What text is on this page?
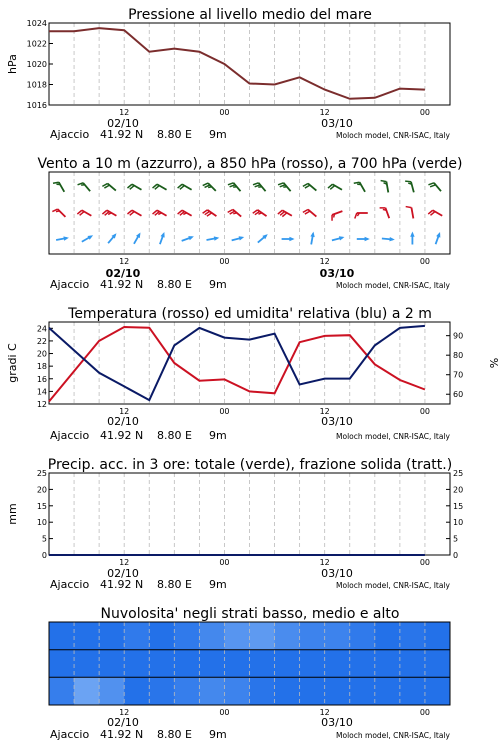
Pressione al livello medio del mare
1016
1018
1020
1022
1024
hPa
12	00	12	00
02/10	03/10
Ajaccio 41.92 N 8.80 E 9m	Moloch model, CNR-ISAC, Italy
Vento a 10 m (azzurro), a 850 hPa (rosso), a 700 hPa (verde)
12	00	12	00
02/10	03/10
Ajaccio 41.92 N 8.80 E 9m	Moloch model, CNR-ISAC, Italy
Temperatura (rosso) ed umidita' relativa (blu) a 2 m
12
14
16
18
20
22
24
60
70
80
90
gradi C	%
12	00	12	00
02/10	03/10
Ajaccio 41.92 N 8.80 E 9m	Moloch model, CNR-ISAC, Italy
Precip. acc. in 3 ore: totale (verde), frazione solida (tratt.)
0
5
10
15
20
25
0
5
10
15
20
25
mm
12	00	12	00
02/10	03/10
Ajaccio 41.92 N 8.80 E 9m	Moloch model, CNR-ISAC, Italy
Nuvolosita' negli strati basso, medio e alto
12	00	12	00
02/10	03/10
Ajaccio 41.92 N 8.80 E 9m	Moloch model, CNR-ISAC, Italy
